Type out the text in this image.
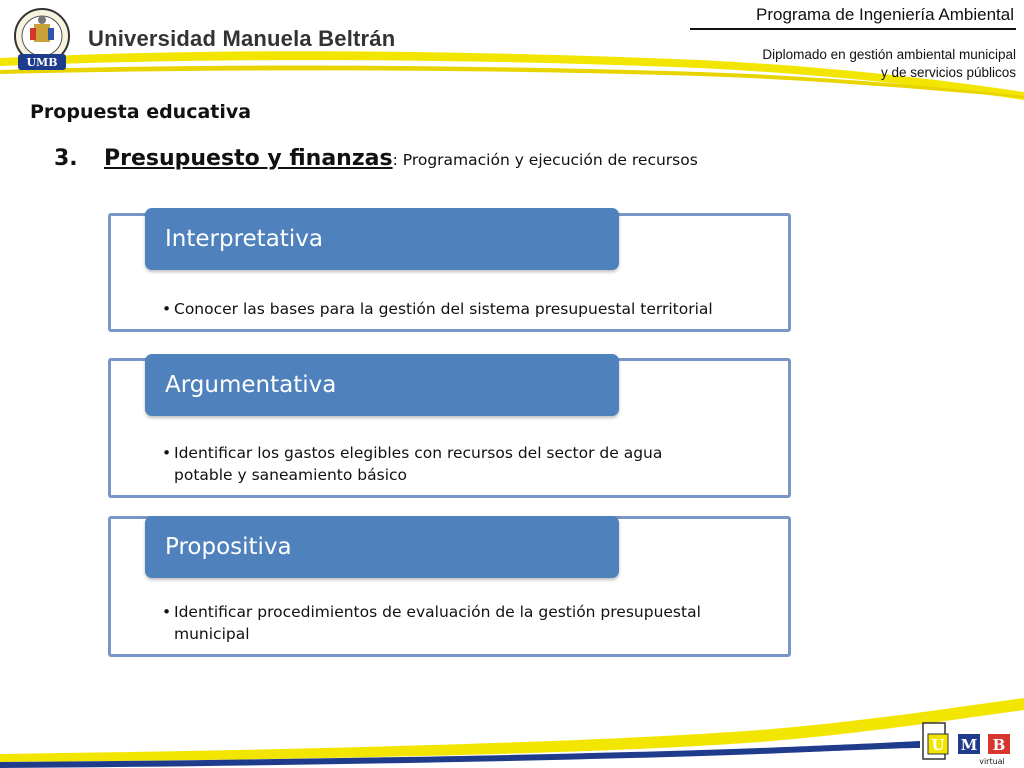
UMB
Universidad Manuela Beltrán
Programa de Ingeniería Ambiental
Diplomado en gestión ambiental municipal
y de servicios públicos
Propuesta educativa
3. Presupuesto y finanzas: Programación y ejecución de recursos
Interpretativa
• Conocer las bases para la gestión del sistema presupuestal territorial
Argumentativa
• Identificar los gastos elegibles con recursos del sector de agua
potable y saneamiento básico
Propositiva
• Identificar procedimientos de evaluación de la gestión presupuestal
municipal
U M B
virtual
